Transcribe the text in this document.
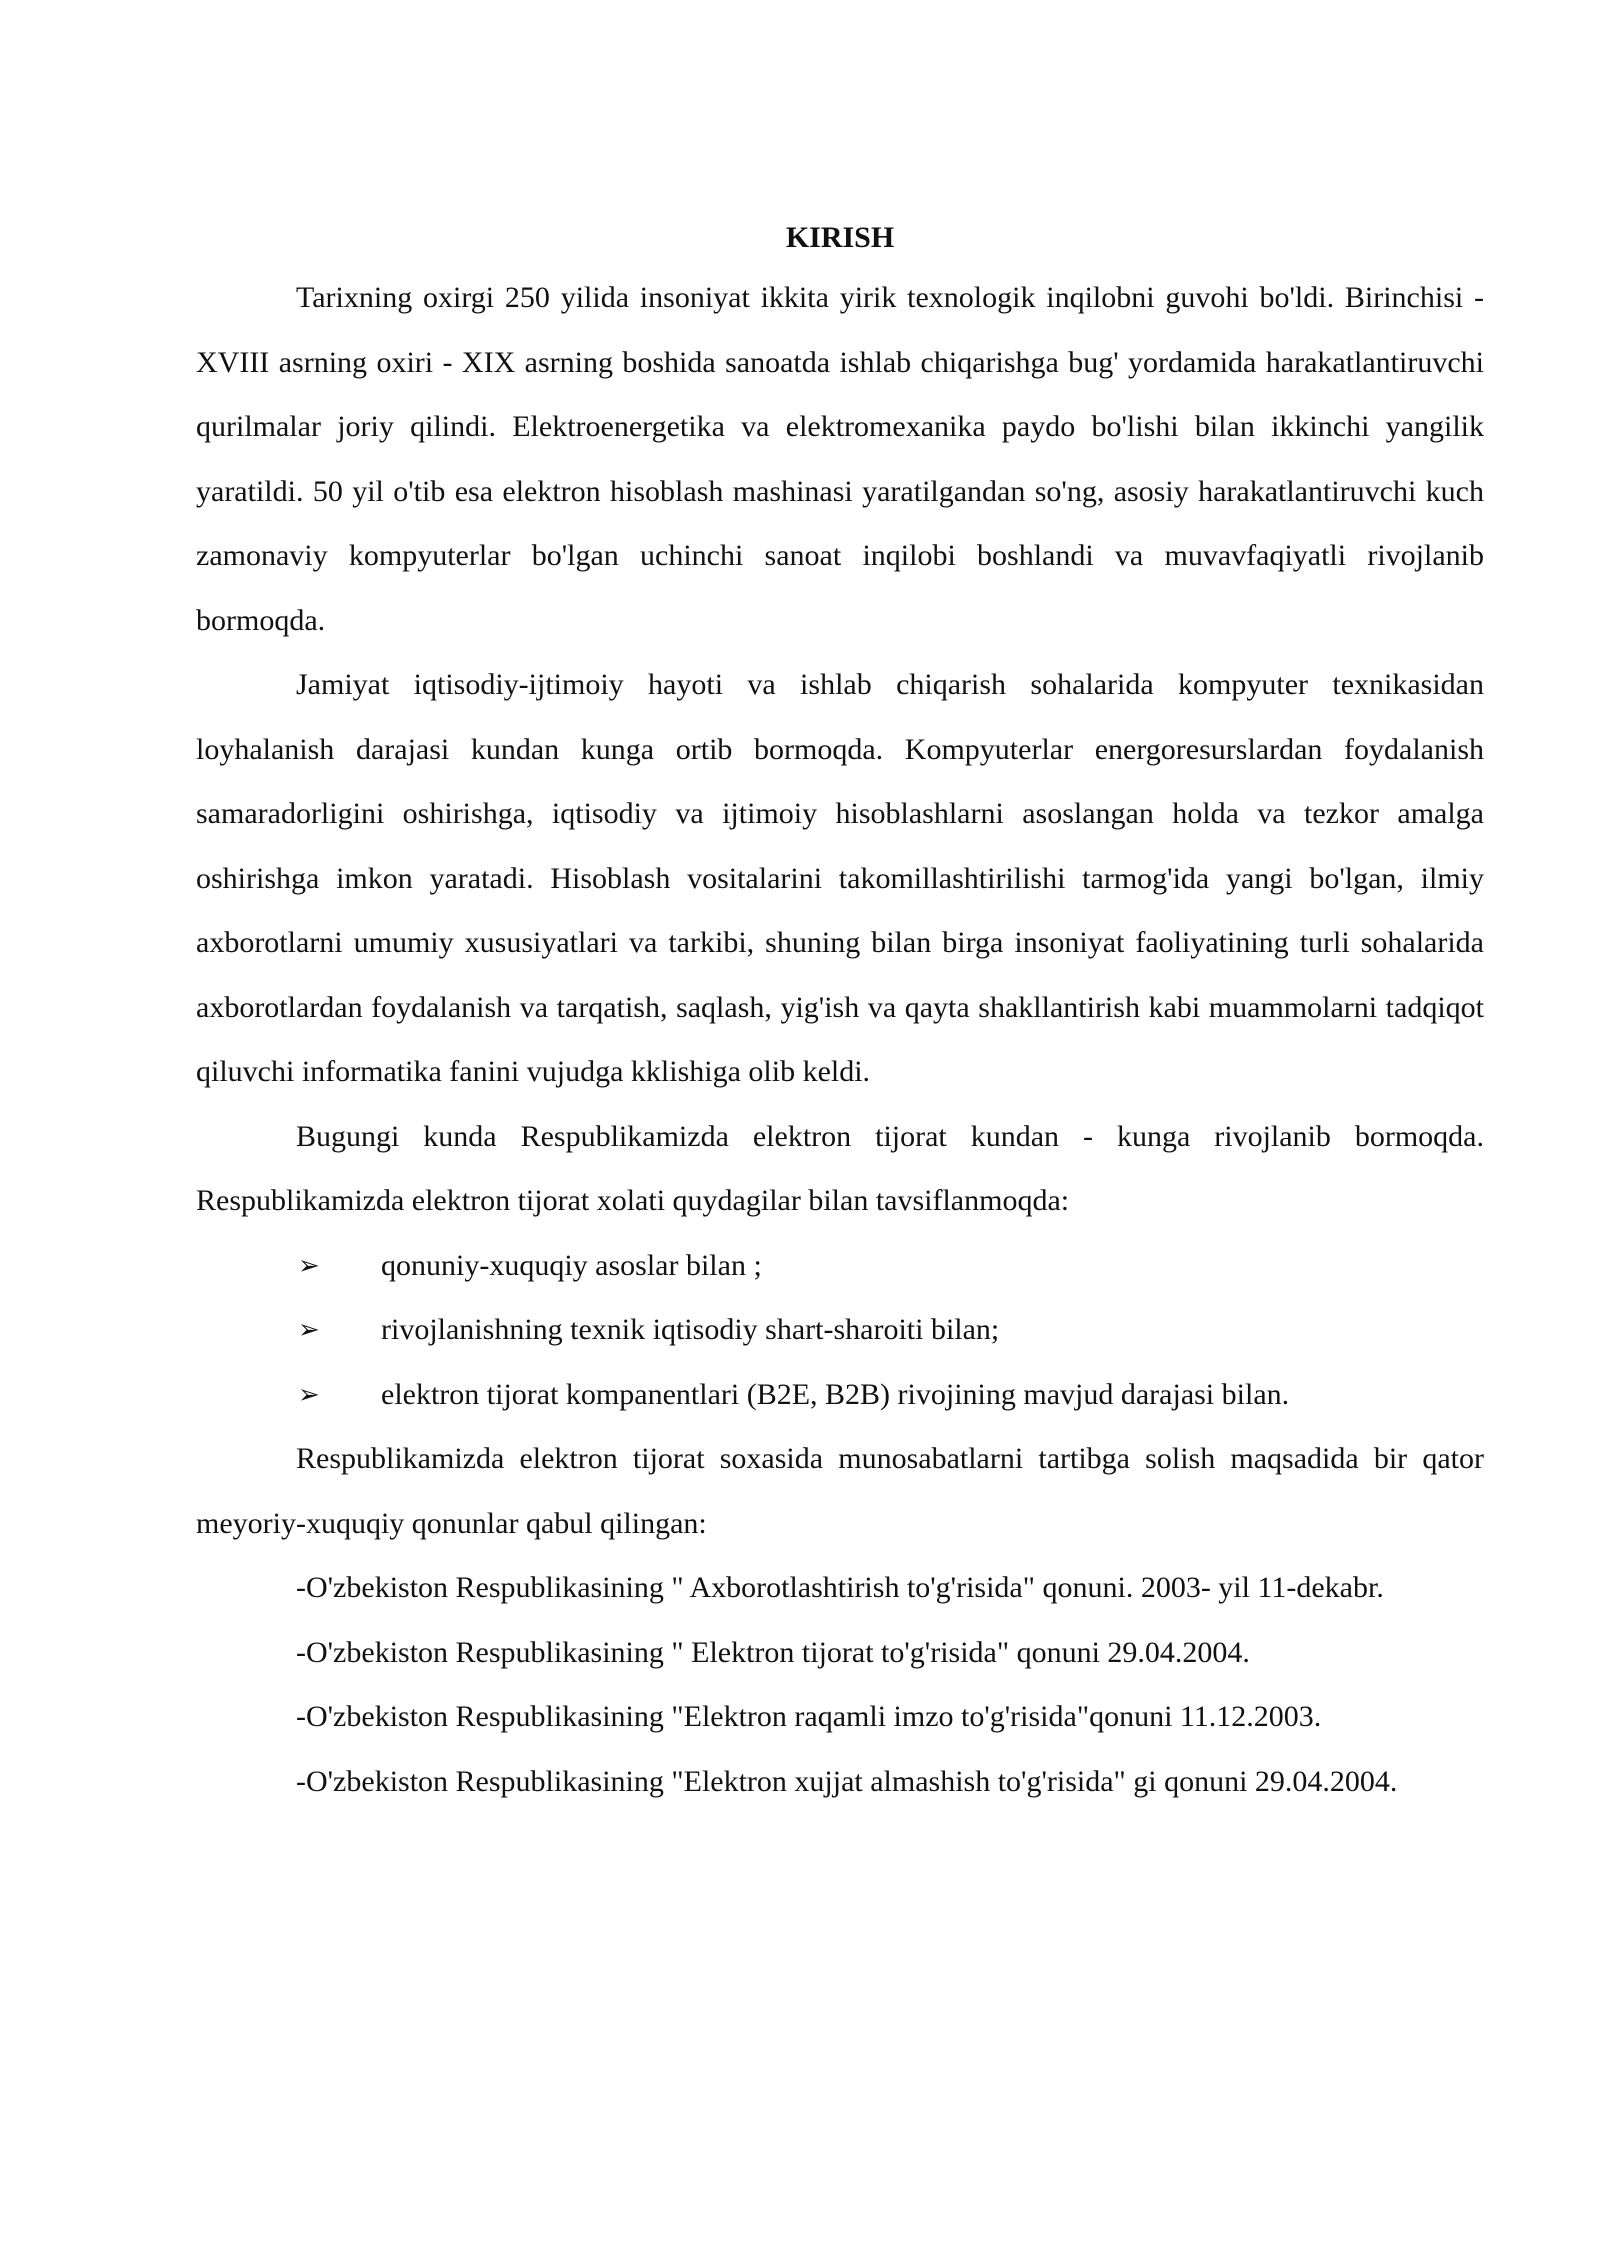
KIRISH

Tarixning oxirgi 250 yilida insoniyat ikkita yirik texnologik inqilobni guvohi bo'ldi. Birinchisi - XVIII asrning oxiri - XIX asrning boshida sanoatda ishlab chiqarishga bug' yordamida harakatlantiruvchi qurilmalar joriy qilindi. Elektroenergetika va elektromexanika paydo bo'lishi bilan ikkinchi yangilik yaratildi. 50 yil o'tib esa elektron hisoblash mashinasi yaratilgandan so'ng, asosiy harakatlantiruvchi kuch zamonaviy kompyuterlar bo'lgan uchinchi sanoat inqilobi boshlandi va muvavfaqiyatli rivojlanib bormoqda.

Jamiyat iqtisodiy-ijtimoiy hayoti va ishlab chiqarish sohalarida kompyuter texnikasidan loyhalanish darajasi kundan kunga ortib bormoqda. Kompyuterlar energoresurslardan foydalanish samaradorligini oshirishga, iqtisodiy va ijtimoiy hisoblashlarni asoslangan holda va tezkor amalga oshirishga imkon yaratadi. Hisoblash vositalarini takomillashtirilishi tarmog'ida yangi bo'lgan, ilmiy axborotlarni umumiy xususiyatlari va tarkibi, shuning bilan birga insoniyat faoliyatining turli sohalarida axborotlardan foydalanish va tarqatish, saqlash, yig'ish va qayta shakllantirish kabi muammolarni tadqiqot qiluvchi informatika fanini vujudga kklishiga olib keldi.

Bugungi kunda Respublikamizda elektron tijorat kundan - kunga rivojlanib bormoqda. Respublikamizda elektron tijorat xolati quydagilar bilan tavsiflanmoqda:

➢ qonuniy-xuquqiy asoslar bilan ;
➢ rivojlanishning texnik iqtisodiy shart-sharoiti bilan;
➢ elektron tijorat kompanentlari (B2E, B2B) rivojining mavjud darajasi bilan.

Respublikamizda elektron tijorat soxasida munosabatlarni tartibga solish maqsadida bir qator meyoriy-xuquqiy qonunlar qabul qilingan:

-O'zbekiston Respublikasining " Axborotlashtirish to'g'risida" qonuni. 2003- yil 11-dekabr.

-O'zbekiston Respublikasining " Elektron tijorat to'g'risida" qonuni 29.04.2004.

-O'zbekiston Respublikasining "Elektron raqamli imzo to'g'risida"qonuni 11.12.2003.

-O'zbekiston Respublikasining "Elektron xujjat almashish to'g'risida" gi qonuni 29.04.2004.
